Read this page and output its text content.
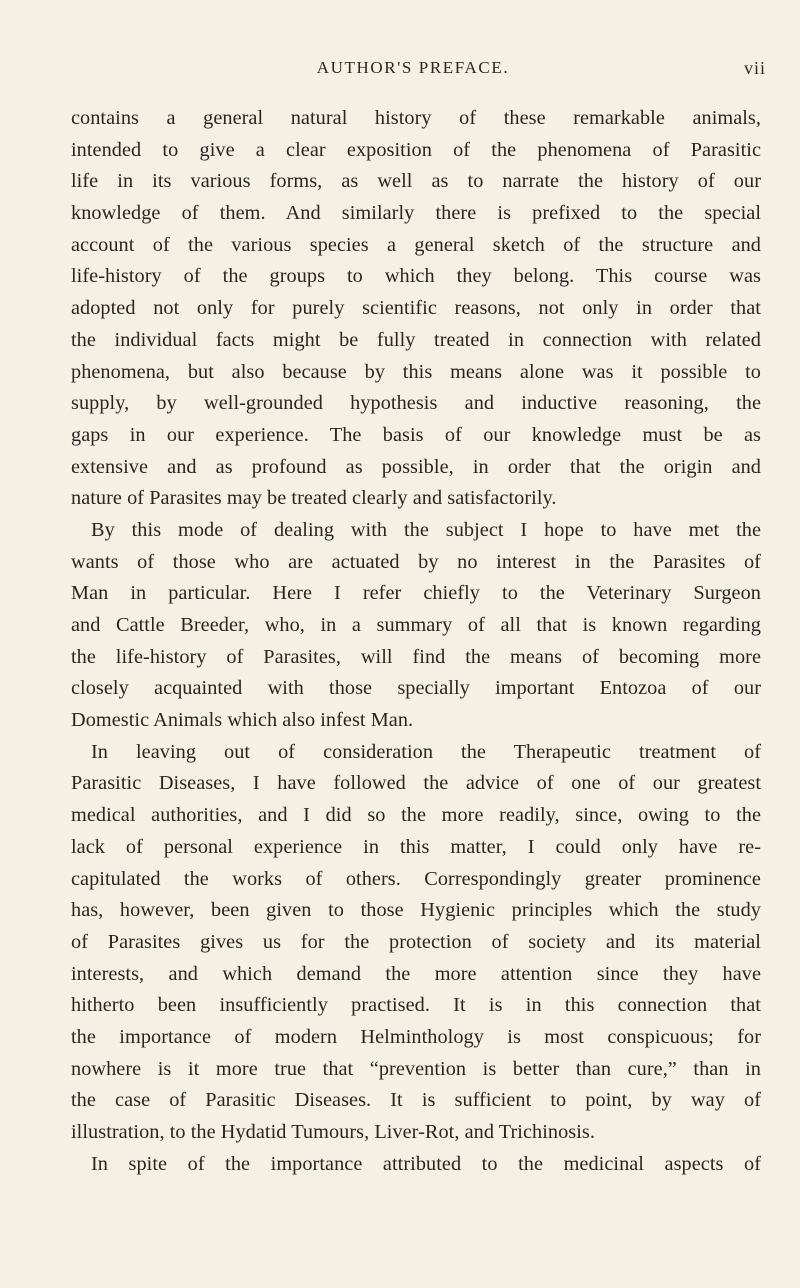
AUTHOR'S PREFACE.	vii
contains a general natural history of these remarkable animals,
intended to give a clear exposition of the phenomena of Parasitic
life in its various forms, as well as to narrate the history of our
knowledge of them. And similarly there is prefixed to the special
account of the various species a general sketch of the structure and
life-history of the groups to which they belong. This course was
adopted not only for purely scientific reasons, not only in order that
the individual facts might be fully treated in connection with related
phenomena, but also because by this means alone was it possible to
supply, by well-grounded hypothesis and inductive reasoning, the
gaps in our experience. The basis of our knowledge must be as
extensive and as profound as possible, in order that the origin and
nature of Parasites may be treated clearly and satisfactorily.
By this mode of dealing with the subject I hope to have met the
wants of those who are actuated by no interest in the Parasites of
Man in particular. Here I refer chiefly to the Veterinary Surgeon
and Cattle Breeder, who, in a summary of all that is known regarding
the life-history of Parasites, will find the means of becoming more
closely acquainted with those specially important Entozoa of our
Domestic Animals which also infest Man.
In leaving out of consideration the Therapeutic treatment of
Parasitic Diseases, I have followed the advice of one of our greatest
medical authorities, and I did so the more readily, since, owing to the
lack of personal experience in this matter, I could only have re-
capitulated the works of others. Correspondingly greater prominence
has, however, been given to those Hygienic principles which the study
of Parasites gives us for the protection of society and its material
interests, and which demand the more attention since they have
hitherto been insufficiently practised. It is in this connection that
the importance of modern Helminthology is most conspicuous; for
nowhere is it more true that “prevention is better than cure,” than in
the case of Parasitic Diseases. It is sufficient to point, by way of
illustration, to the Hydatid Tumours, Liver-Rot, and Trichinosis.
In spite of the importance attributed to the medicinal aspects of
